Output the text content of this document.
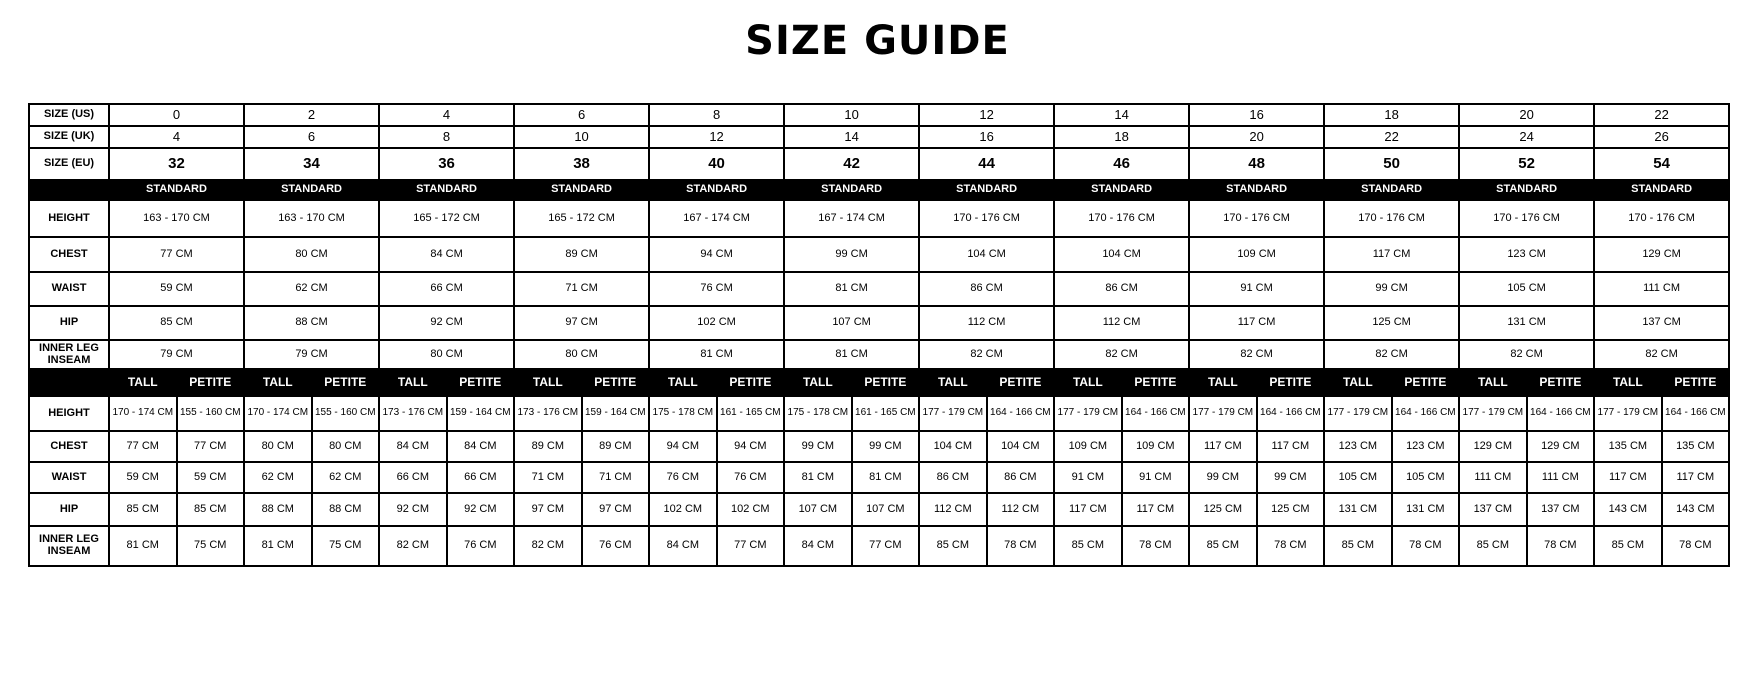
SIZE GUIDE
SIZE (US)	0		2		4		6		8		10		12		14		16		18		20		22	
SIZE (UK)	4		6		8		10		12		14		16		18		20		22		24		26	
SIZE (EU)	32		34		36		38		40		42		44		46		48		50		52		54	
	STANDARD		STANDARD		STANDARD		STANDARD		STANDARD		STANDARD		STANDARD		STANDARD		STANDARD		STANDARD		STANDARD		STANDARD	
HEIGHT	163 - 170 CM		163 - 170 CM		165 - 172 CM		165 - 172 CM		167 - 174 CM		167 - 174 CM		170 - 176 CM		170 - 176 CM		170 - 176 CM		170 - 176 CM		170 - 176 CM		170 - 176 CM	
CHEST	77 CM		80 CM		84 CM		89 CM		94 CM		99 CM		104 CM		104 CM		109 CM		117 CM		123 CM		129 CM	
WAIST	59 CM		62 CM		66 CM		71 CM		76 CM		81 CM		86 CM		86 CM		91 CM		99 CM		105 CM		111 CM	
HIP	85 CM		88 CM		92 CM		97 CM		102 CM		107 CM		112 CM		112 CM		117 CM		125 CM		131 CM		137 CM	
INNER LEG INSEAM	79 CM		79 CM		80 CM		80 CM		81 CM		81 CM		82 CM		82 CM		82 CM		82 CM		82 CM		82 CM	
	TALL	PETITE	TALL	PETITE	TALL	PETITE	TALL	PETITE	TALL	PETITE	TALL	PETITE	TALL	PETITE	TALL	PETITE	TALL	PETITE	TALL	PETITE	TALL	PETITE	TALL	PETITE
HEIGHT	170 - 174 CM	155 - 160 CM	170 - 174 CM	155 - 160 CM	173 - 176 CM	159 - 164 CM	173 - 176 CM	159 - 164 CM	175 - 178 CM	161 - 165 CM	175 - 178 CM	161 - 165 CM	177 - 179 CM	164 - 166 CM	177 - 179 CM	164 - 166 CM	177 - 179 CM	164 - 166 CM	177 - 179 CM	164 - 166 CM	177 - 179 CM	164 - 166 CM	177 - 179 CM	164 - 166 CM
CHEST	77 CM	77 CM	80 CM	80 CM	84 CM	84 CM	89 CM	89 CM	94 CM	94 CM	99 CM	99 CM	104 CM	104 CM	109 CM	109 CM	117 CM	117 CM	123 CM	123 CM	129 CM	129 CM	135 CM	135 CM
WAIST	59 CM	59 CM	62 CM	62 CM	66 CM	66 CM	71 CM	71 CM	76 CM	76 CM	81 CM	81 CM	86 CM	86 CM	91 CM	91 CM	99 CM	99 CM	105 CM	105 CM	111 CM	111 CM	117 CM	117 CM
HIP	85 CM	85 CM	88 CM	88 CM	92 CM	92 CM	97 CM	97 CM	102 CM	102 CM	107 CM	107 CM	112 CM	112 CM	117 CM	117 CM	125 CM	125 CM	131 CM	131 CM	137 CM	137 CM	143 CM	143 CM
INNER LEG INSEAM	81 CM	75 CM	81 CM	75 CM	82 CM	76 CM	82 CM	76 CM	84 CM	77 CM	84 CM	77 CM	85 CM	78 CM	85 CM	78 CM	85 CM	78 CM	85 CM	78 CM	85 CM	78 CM	85 CM	78 CM
